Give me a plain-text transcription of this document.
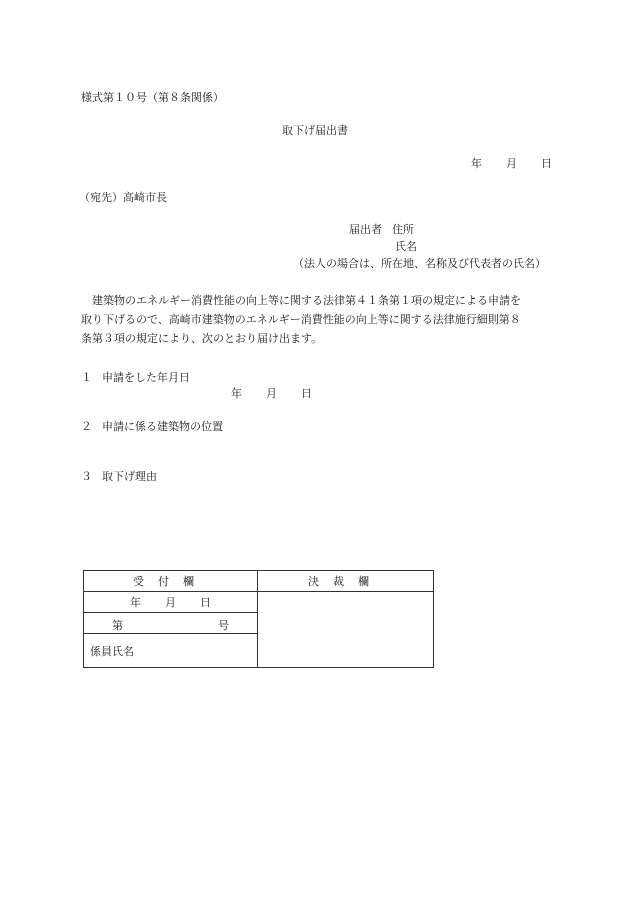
様式第１０号（第８条関係）
取下げ届出書
年 月 日
（宛先）高崎市長
届出者 住所
氏名
（法人の場合は、所在地、名称及び代表者の氏名）
建築物のエネルギー消費性能の向上等に関する法律第４１条第１項の規定による申請を
取り下げるので、高崎市建築物のエネルギー消費性能の向上等に関する法律施行細則第８
条第３項の規定により、次のとおり届け出ます。
１ 申請をした年月日
年 月 日
２ 申請に係る建築物の位置
３ 取下げ理由
受付欄	決裁欄
年 月 日	

第 号	

係員氏名	
